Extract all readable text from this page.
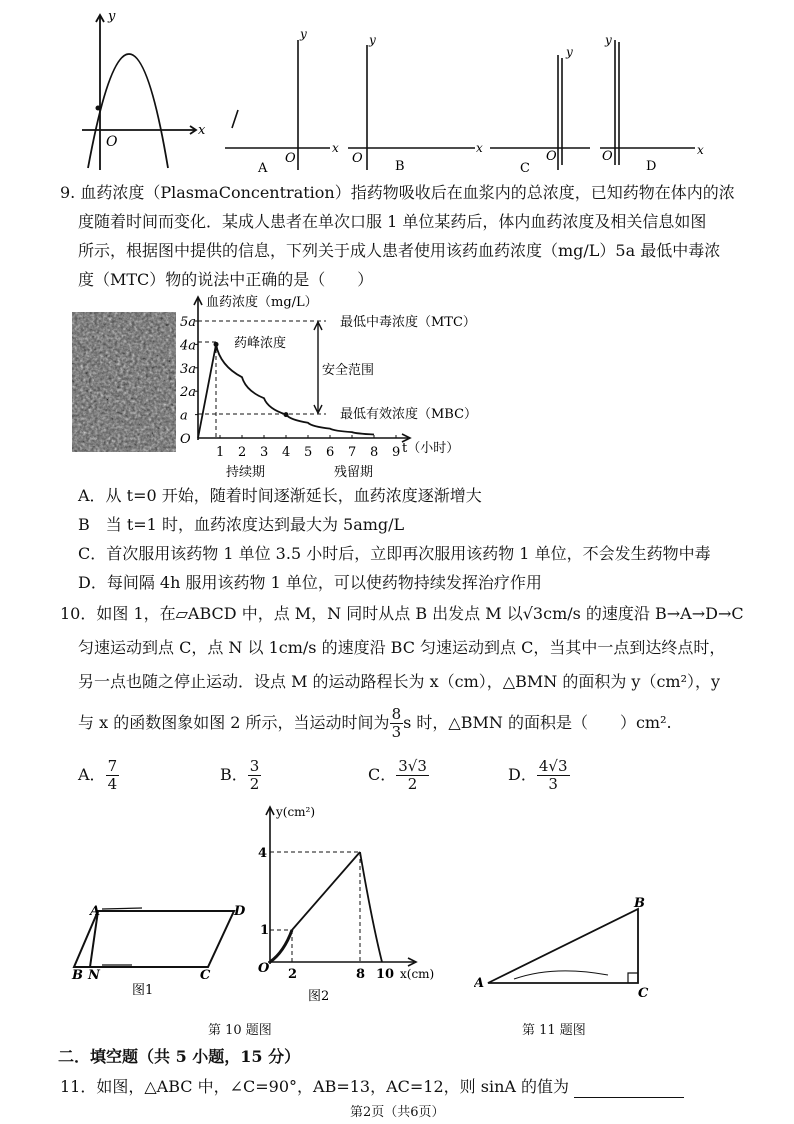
y
x
O
y
x
O
A
y
x
O
B
y
O
C
y
x
O
D
9. 血药浓度（PlasmaConcentration）指药物吸收后在血浆内的总浓度，已知药物在体内的浓
度随着时间而变化．某成人患者在单次口服 1 单位某药后，体内血药浓度及相关信息如图
所示，根据图中提供的信息，下列关于成人患者使用该药血药浓度（mg/L）5a 最低中毒浓
度（MTC）物的说法中正确的是（　　）
血药浓度（mg/L）
t（小时）
5a
4a
3a
2a
a
O
1 2 3 4 5 6 7 8 9
最低中毒浓度（MTC）
药峰浓度
安全范围
最低有效浓度（MBC）
持续期	残留期
A．从 t=0 开始，随着时间逐渐延长，血药浓度逐渐增大
B　当 t=1 时，血药浓度达到最大为 5amg/L
C．首次服用该药物 1 单位 3.5 小时后，立即再次服用该药物 1 单位，不会发生药物中毒
D．每间隔 4h 服用该药物 1 单位，可以使药物持续发挥治疗作用
10．如图 1，在▱ABCD 中，点 M，N 同时从点 B 出发点 M 以√3cm/s 的速度沿 B→A→D→C
匀速运动到点 C，点 N 以 1cm/s 的速度沿 BC 匀速运动到点 C，当其中一点到达终点时，
另一点也随之停止运动．设点 M 的运动路程长为 x（cm），△BMN 的面积为 y（cm²），y
与 x 的函数图象如图 2 所示，当运动时间为 $\frac{8}{3}$ s 时，△BMN 的面积是（　　）cm².
A． $\frac{7}{4}$	B． $\frac{3}{2}$	C． $\frac{3√3}{2}$	D． $\frac{4√3}{3}$
A	D
B N	C
图1
y(cm²)
x(cm)
O
4
1
2	8 10
图2
第 10 题图
A
B
C
第 11 题图
二．填空题（共 5 小题，15 分）
11．如图，△ABC 中，∠C=90°，AB=13，AC=12，则 sinA 的值为
第2页（共6页）
